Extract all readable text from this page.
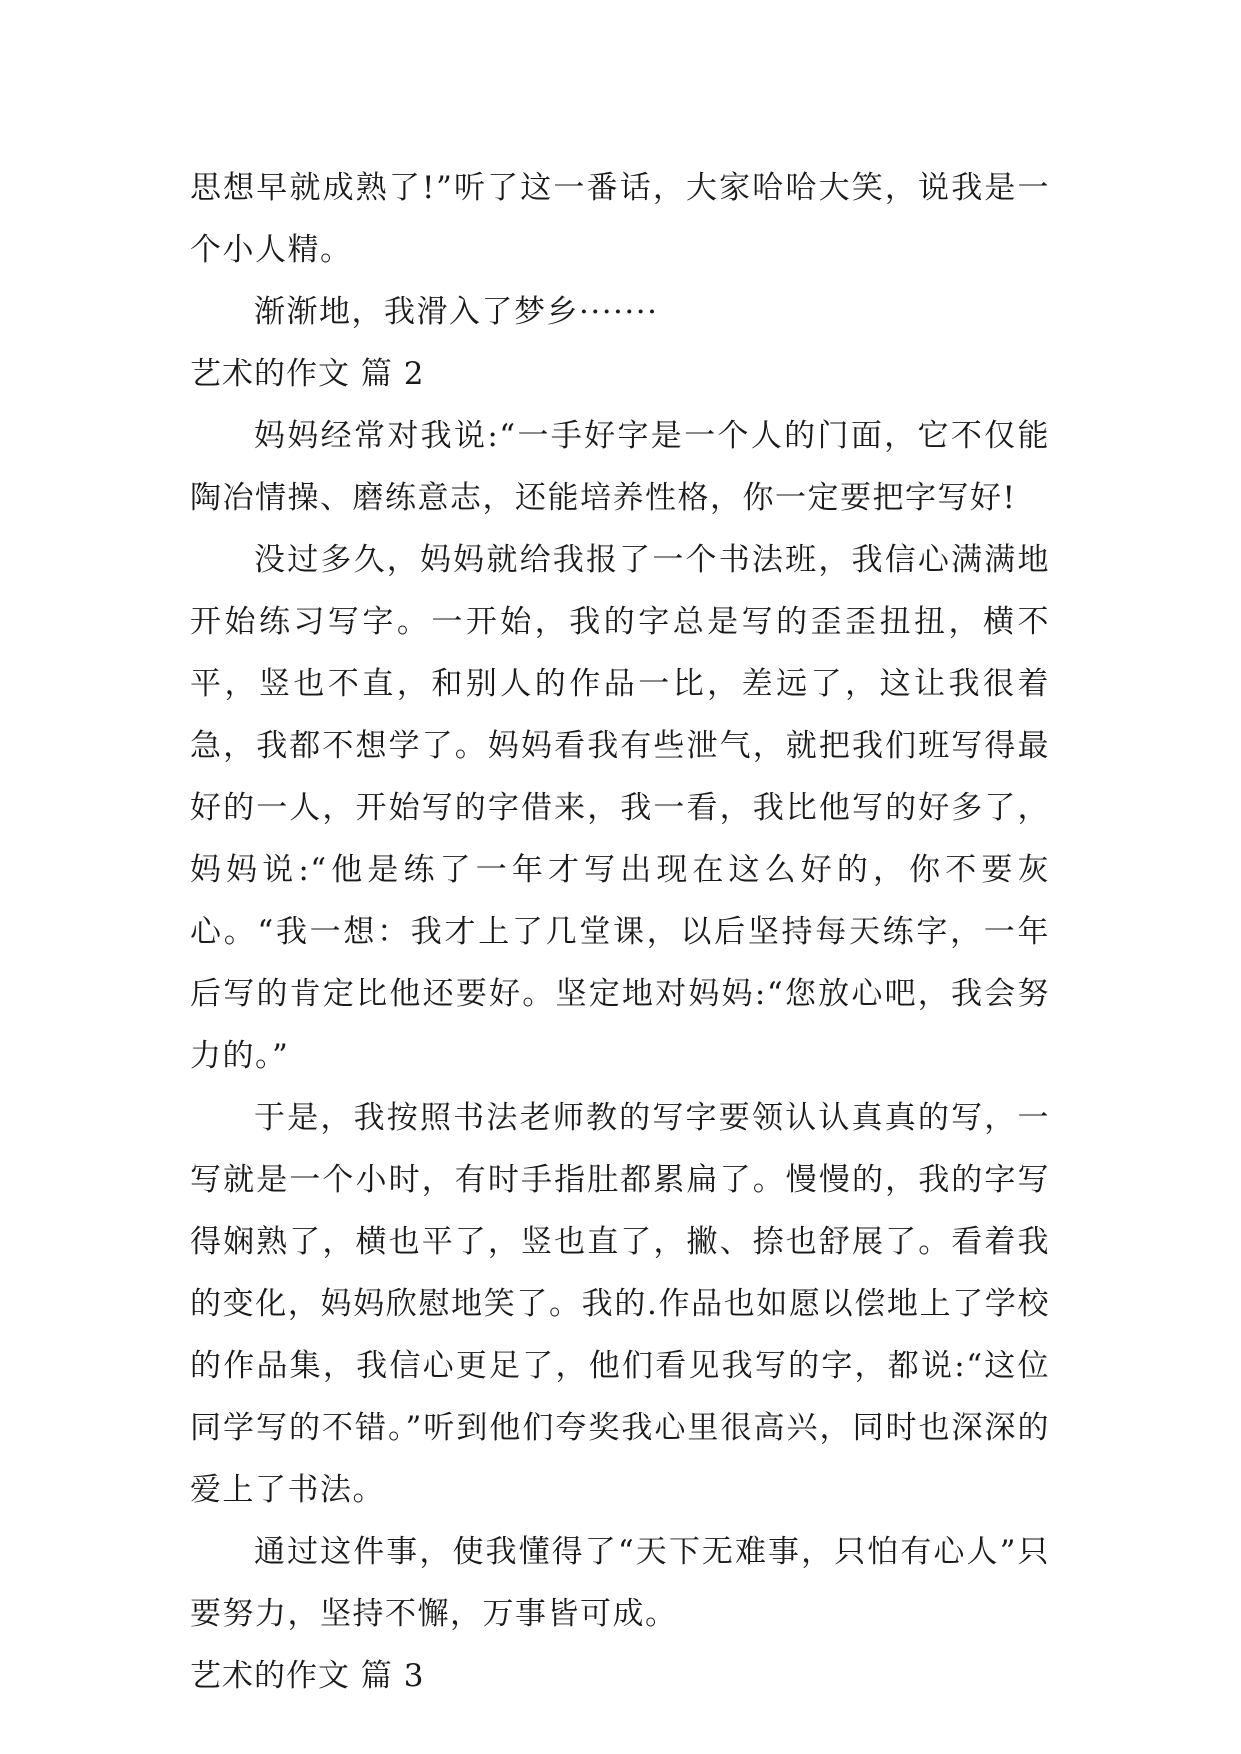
思想早就成熟了!”听了这一番话，大家哈哈大笑，说我是一个小人精。

渐渐地，我滑入了梦乡·······

艺术的作文 篇 2

妈妈经常对我说:“一手好字是一个人的门面，它不仅能陶冶情操、磨练意志，还能培养性格，你一定要把字写好!

没过多久，妈妈就给我报了一个书法班，我信心满满地开始练习写字。一开始，我的字总是写的歪歪扭扭，横不平，竖也不直，和别人的作品一比，差远了，这让我很着急，我都不想学了。妈妈看我有些泄气，就把我们班写得最好的一人，开始写的字借来，我一看，我比他写的好多了，妈妈说:“他是练了一年才写出现在这么好的，你不要灰心。“我一想：我才上了几堂课，以后坚持每天练字，一年后写的肯定比他还要好。坚定地对妈妈:“您放心吧，我会努力的。”

于是，我按照书法老师教的写字要领认认真真的写，一写就是一个小时，有时手指肚都累扁了。慢慢的，我的字写得娴熟了，横也平了，竖也直了，撇、捺也舒展了。看着我的变化，妈妈欣慰地笑了。我的.作品也如愿以偿地上了学校的作品集，我信心更足了，他们看见我写的字，都说:“这位同学写的不错。”听到他们夸奖我心里很高兴，同时也深深的爱上了书法。

通过这件事，使我懂得了“天下无难事，只怕有心人”只要努力，坚持不懈，万事皆可成。

艺术的作文 篇 3
